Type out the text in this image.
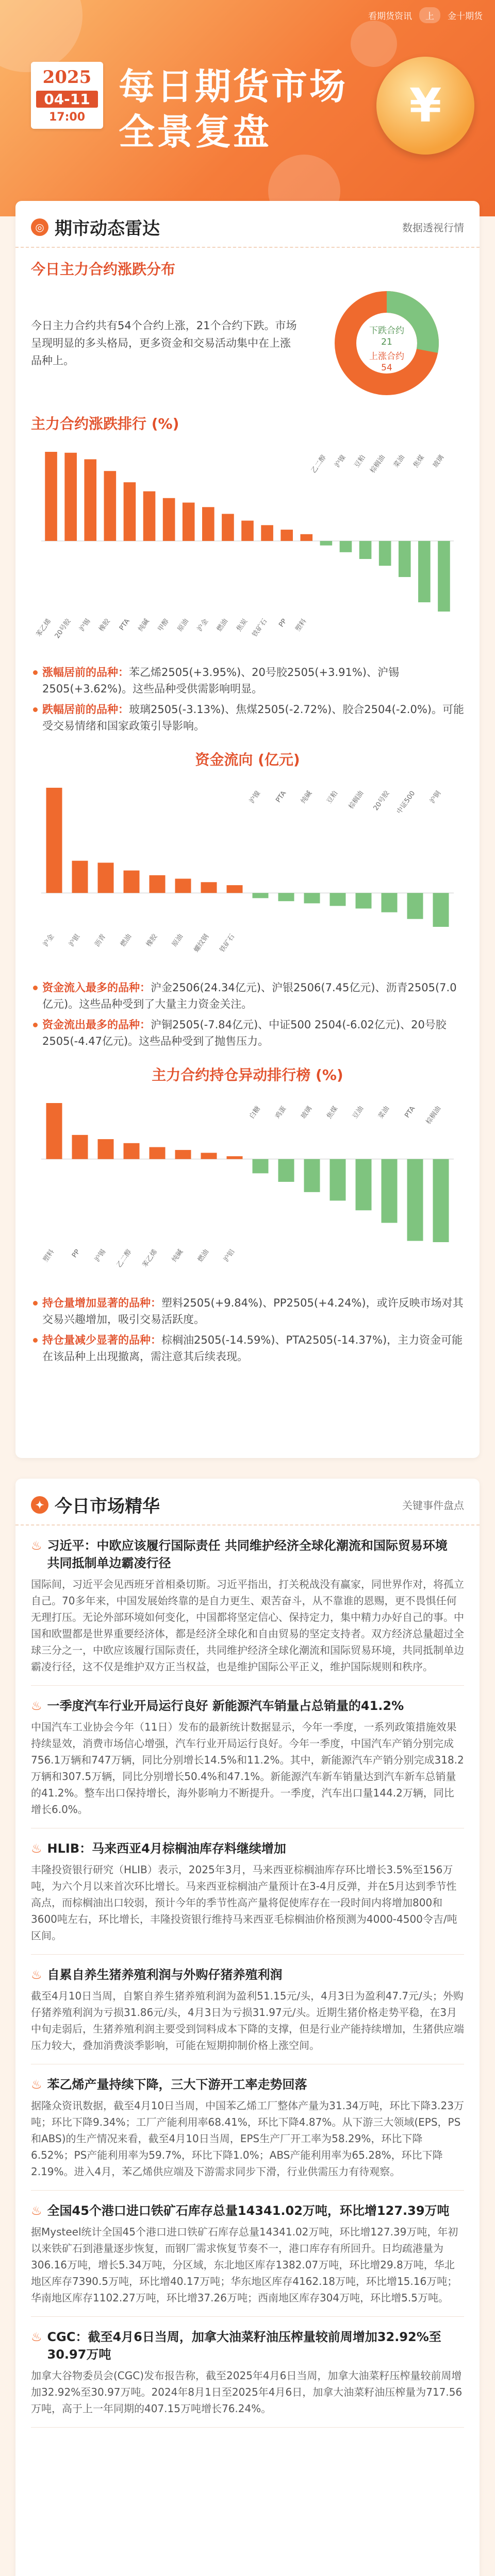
看期货资讯	上	金十期货
2025
04-11
17:00
每日期货市场
全景复盘	¥
◎ 期市动态雷达	数据透视行情
今日主力合约涨跌分布
今日主力合约共有54个合约上涨，21个合约下跌。市场呈现明显的多头格局，更多资金和交易活动集中在上涨品种上。
下跌合约
21
上涨合约
54
主力合约涨跌排行 (%)
苯乙烯 20号胶 沪锡 橡胶 PTA 纯碱 甲醇 原油 沪金 燃油 焦炭 铁矿石 PP 塑料
乙二醇 沪镍 豆粕 棕榈油 菜油 焦煤 玻璃
涨幅居前的品种：苯乙烯2505(+3.95%)、20号胶2505(+3.91%)、沪锡2505(+3.62%)。这些品种受供需影响明显。
跌幅居前的品种：玻璃2505(-3.13%)、焦煤2505(-2.72%)、胶合2504(-2.0%)。可能受交易情绪和国家政策引导影响。
资金流向 (亿元)
沪金 沪银 沥青 燃油 橡胶 原油 螺纹钢 铁矿石
沪镍 PTA 纯碱 豆粕 棕榈油 20号胶 中证500 沪铜
资金流入最多的品种：沪金2506(24.34亿元)、沪银2506(7.45亿元)、沥青2505(7.0亿元)。这些品种受到了大量主力资金关注。
资金流出最多的品种：沪铜2505(-7.84亿元)、中证500 2504(-6.02亿元)、20号胶2505(-4.47亿元)。这些品种受到了抛售压力。
主力合约持仓异动排行榜 (%)
塑料 PP 沪锡 乙二醇 苯乙烯 纯碱 燃油 沪铝
白糖 鸡蛋 玻璃 焦煤 豆油 菜油 PTA 棕榈油
持仓量增加显著的品种：塑料2505(+9.84%)、PP2505(+4.24%)，或许反映市场对其交易兴趣增加，吸引交易活跃度。
持仓量减少显著的品种：棕榈油2505(-14.59%)、PTA2505(-14.37%)，主力资金可能在该品种上出现撤离，需注意其后续表现。
✦ 今日市场精华	关键事件盘点
♨ 习近平：中欧应该履行国际责任 共同维护经济全球化潮流和国际贸易环境 共同抵制单边霸凌行径
国际间，习近平会见西班牙首相桑切斯。习近平指出，打关税战没有赢家，同世界作对，将孤立自己。70多年来，中国发展始终靠的是自力更生、艰苦奋斗，从不靠谁的恩赐，更不畏惧任何无理打压。无论外部环境如何变化，中国都将坚定信心、保持定力，集中精力办好自己的事。中国和欧盟都是世界重要经济体，都是经济全球化和自由贸易的坚定支持者。双方经济总量超过全球三分之一，中欧应该履行国际责任，共同维护经济全球化潮流和国际贸易环境，共同抵制单边霸凌行径，这不仅是维护双方正当权益，也是维护国际公平正义，维护国际规则和秩序。
♨ 一季度汽车行业开局运行良好 新能源汽车销量占总销量的41.2%
中国汽车工业协会今年（11日）发布的最新统计数据显示，今年一季度，一系列政策措施效果持续显效，消费市场信心增强，汽车行业开局运行良好。今年一季度，中国汽车产销分别完成756.1万辆和747万辆，同比分别增长14.5%和11.2%。其中，新能源汽车产销分别完成318.2万辆和307.5万辆，同比分别增长50.4%和47.1%。新能源汽车新车销量达到汽车新车总销量的41.2%。整车出口保持增长，海外影响力不断提升。一季度，汽车出口量144.2万辆，同比增长6.0%。
♨ HLIB：马来西亚4月棕榈油库存料继续增加
丰隆投资银行研究（HLIB）表示，2025年3月，马来西亚棕榈油库存环比增长3.5%至156万吨，为六个月以来首次环比增长。马来西亚棕榈油产量预计在3-4月反弹，并在5月达到季节性高点，而棕榈油出口较弱，预计今年的季节性高产量将促使库存在一段时间内将增加800和3600吨左右，环比增长，丰隆投资银行维持马来西亚毛棕榈油价格预测为4000-4500令吉/吨区间。
♨ 自累自养生猪养殖利润与外购仔猪养殖利润
截至4月10日当周，自繁自养生猪养殖利润为盈利51.15元/头，4月3日为盈利47.7元/头；外购仔猪养殖利润为亏损31.86元/头，4月3日为亏损31.97元/头。近期生猪价格走势平稳，在3月中旬走弱后，生猪养殖利润主要受到饲料成本下降的支撑，但是行业产能持续增加，生猪供应端压力较大，叠加消费淡季影响，可能在短期抑制价格上涨空间。
♨ 苯乙烯产量持续下降，三大下游开工率走势回落
据隆众资讯数据，截至4月10日当周，中国苯乙烯工厂整体产量为31.34万吨，环比下降3.23万吨；环比下降9.34%；工厂产能利用率68.41%，环比下降4.87%。从下游三大领域(EPS，PS和ABS)的生产情况来看，截至4月10日当周，EPS生产厂开工率为58.29%，环比下降6.52%；PS产能利用率为59.7%，环比下降1.0%；ABS产能利用率为65.28%，环比下降2.19%。进入4月，苯乙烯供应端及下游需求同步下滑，行业供需压力有待观察。
♨ 全国45个港口进口铁矿石库存总量14341.02万吨，环比增127.39万吨
据Mysteel统计全国45个港口进口铁矿石库存总量14341.02万吨，环比增127.39万吨，年初以来铁矿石到港量逐步恢复，而钢厂需求恢复节奏不一，港口库存有所回升。日均疏港量为306.16万吨，增长5.34万吨，分区域，东北地区库存1382.07万吨，环比增29.8万吨，华北地区库存7390.5万吨，环比增40.17万吨；华东地区库存4162.18万吨，环比增15.16万吨；华南地区库存1102.27万吨，环比增37.26万吨；西南地区库存304万吨，环比增5.5万吨。
♨ CGC：截至4月6日当周，加拿大油菜籽油压榨量较前周增加32.92%至30.97万吨
加拿大谷物委员会(CGC)发布报告称，截至2025年4月6日当周，加拿大油菜籽压榨量较前周增加32.92%至30.97万吨。2024年8月1日至2025年4月6日，加拿大油菜籽油压榨量为717.56万吨，高于上一年同期的407.15万吨增长76.24%。
